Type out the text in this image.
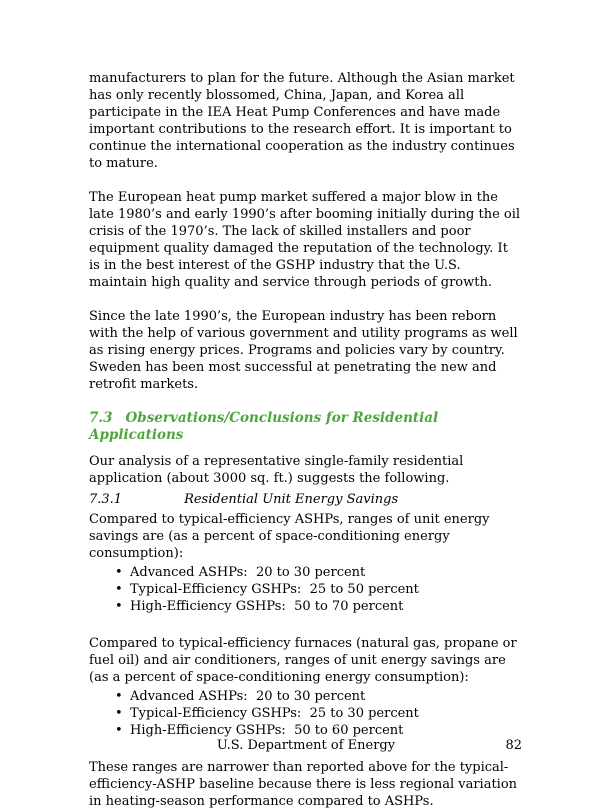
manufacturers to plan for the future. Although the Asian market has only recently blossomed, China, Japan, and Korea all participate in the IEA Heat Pump Conferences and have made important contributions to the research effort. It is important to continue the international cooperation as the industry continues to mature.

The European heat pump market suffered a major blow in the late 1980’s and early 1990’s after booming initially during the oil crisis of the 1970’s. The lack of skilled installers and poor equipment quality damaged the reputation of the technology. It is in the best interest of the GSHP industry that the U.S. maintain high quality and service through periods of growth.

Since the late 1990’s, the European industry has been reborn with the help of various government and utility programs as well as rising energy prices. Programs and policies vary by country. Sweden has been most successful at penetrating the new and retrofit markets.

7.3 Observations/Conclusions for Residential Applications

Our analysis of a representative single-family residential application (about 3000 sq. ft.) suggests the following.

7.3.1	Residential Unit Energy Savings

Compared to typical-efficiency ASHPs, ranges of unit energy savings are (as a percent of space-conditioning energy consumption):

• Advanced ASHPs:  20 to 30 percent
• Typical-Efficiency GSHPs:  25 to 50 percent
• High-Efficiency GSHPs:  50 to 70 percent

Compared to typical-efficiency furnaces (natural gas, propane or fuel oil) and air conditioners, ranges of unit energy savings are (as a percent of space-conditioning energy consumption):

• Advanced ASHPs:  20 to 30 percent
• Typical-Efficiency GSHPs:  25 to 30 percent
• High-Efficiency GSHPs:  50 to 60 percent

These ranges are narrower than reported above for the typical-efficiency-ASHP baseline because there is less regional variation in heating-season performance compared to ASHPs.

U.S. Department of Energy	82
